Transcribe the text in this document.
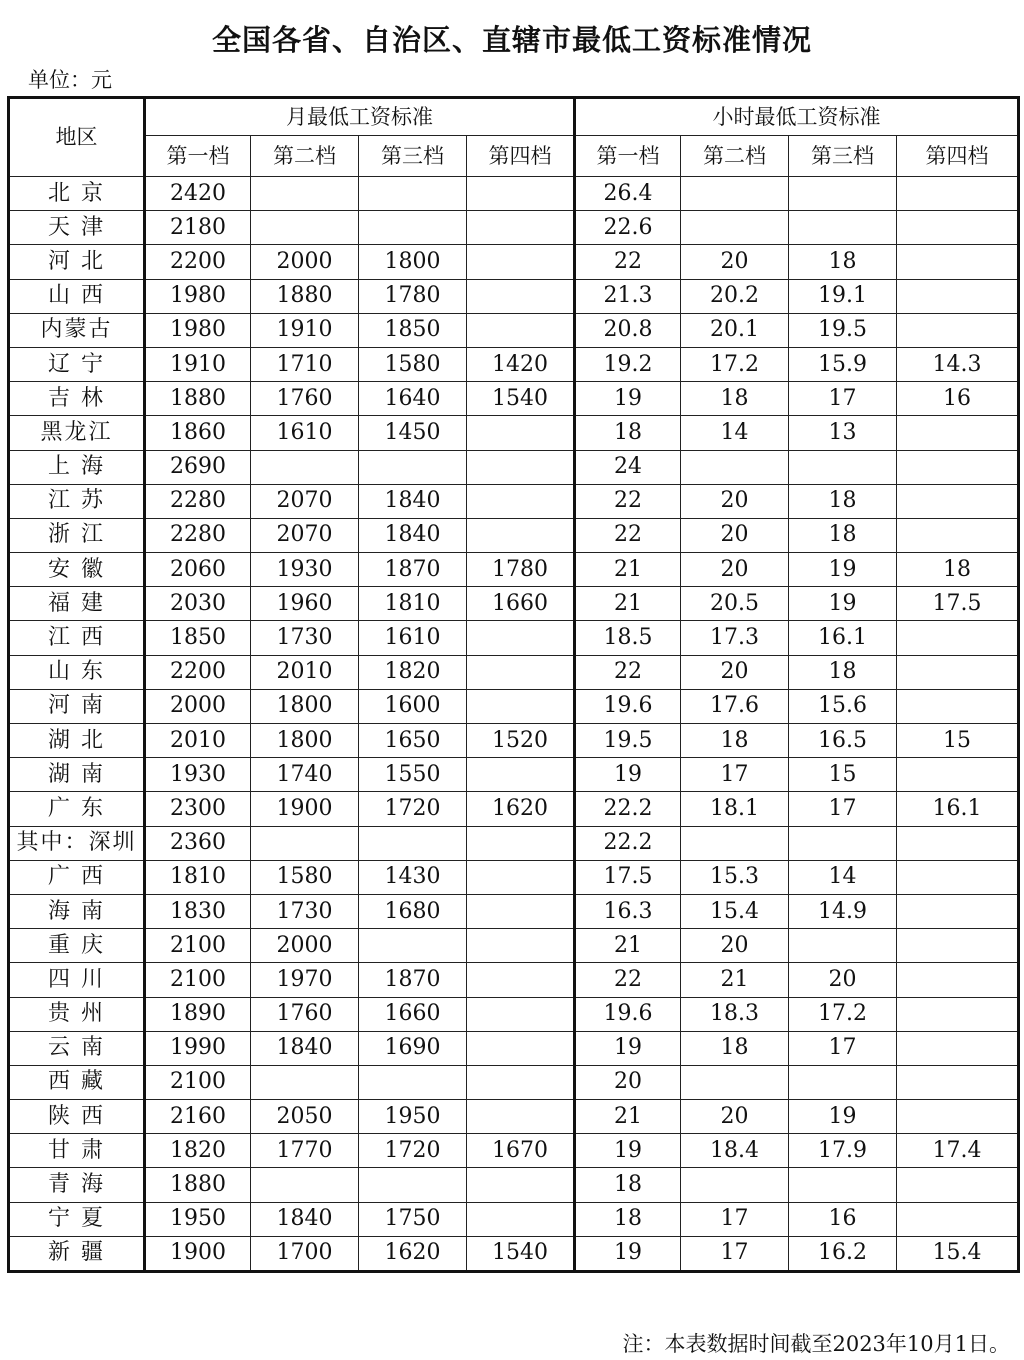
全国各省、自治区、直辖市最低工资标准情况
单位：元
地区	月最低工资标准				小时最低工资标准			
	第一档	第二档	第三档	第四档	第一档	第二档	第三档	第四档
北 京	2420				26.4			
天 津	2180				22.6			
河 北	2200	2000	1800		22	20	18	
山 西	1980	1880	1780		21.3	20.2	19.1	
内蒙古	1980	1910	1850		20.8	20.1	19.5	
辽 宁	1910	1710	1580	1420	19.2	17.2	15.9	14.3
吉 林	1880	1760	1640	1540	19	18	17	16
黑龙江	1860	1610	1450		18	14	13	
上 海	2690				24			
江 苏	2280	2070	1840		22	20	18	
浙 江	2280	2070	1840		22	20	18	
安 徽	2060	1930	1870	1780	21	20	19	18
福 建	2030	1960	1810	1660	21	20.5	19	17.5
江 西	1850	1730	1610		18.5	17.3	16.1	
山 东	2200	2010	1820		22	20	18	
河 南	2000	1800	1600		19.6	17.6	15.6	
湖 北	2010	1800	1650	1520	19.5	18	16.5	15
湖 南	1930	1740	1550		19	17	15	
广 东	2300	1900	1720	1620	22.2	18.1	17	16.1
其中：深圳	2360				22.2			
广 西	1810	1580	1430		17.5	15.3	14	
海 南	1830	1730	1680		16.3	15.4	14.9	
重 庆	2100	2000			21	20		
四 川	2100	1970	1870		22	21	20	
贵 州	1890	1760	1660		19.6	18.3	17.2	
云 南	1990	1840	1690		19	18	17	
西 藏	2100				20			
陕 西	2160	2050	1950		21	20	19	
甘 肃	1820	1770	1720	1670	19	18.4	17.9	17.4
青 海	1880				18			
宁 夏	1950	1840	1750		18	17	16	
新 疆	1900	1700	1620	1540	19	17	16.2	15.4
注：本表数据时间截至2023年10月1日。
